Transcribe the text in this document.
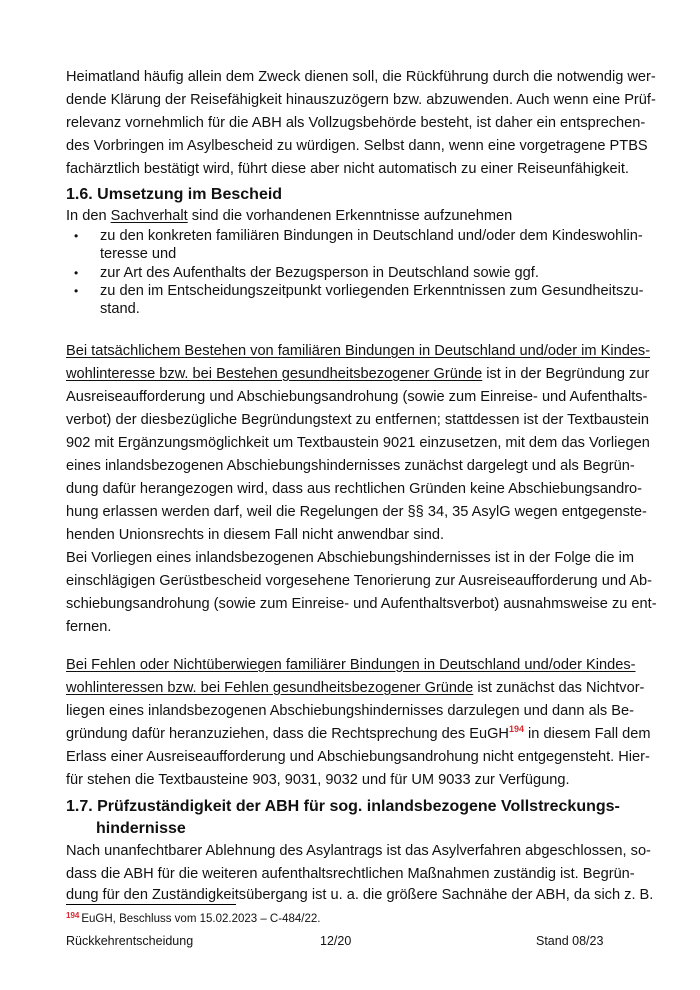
Heimatland häufig allein dem Zweck dienen soll, die Rückführung durch die notwendig wer-
dende Klärung der Reisefähigkeit hinauszuzögern bzw. abzuwenden. Auch wenn eine Prüf-
relevanz vornehmlich für die ABH als Vollzugsbehörde besteht, ist daher ein entsprechen-
des Vorbringen im Asylbescheid zu würdigen. Selbst dann, wenn eine vorgetragene PTBS
fachärztlich bestätigt wird, führt diese aber nicht automatisch zu einer Reiseunfähigkeit.
1.6. Umsetzung im Bescheid
In den Sachverhalt sind die vorhandenen Erkenntnisse aufzunehmen
• zu den konkreten familiären Bindungen in Deutschland und/oder dem Kindeswohlin-
teresse und
• zur Art des Aufenthalts der Bezugsperson in Deutschland sowie ggf.
• zu den im Entscheidungszeitpunkt vorliegenden Erkenntnissen zum Gesundheitszu-
stand.
Bei tatsächlichem Bestehen von familiären Bindungen in Deutschland und/oder im Kindes-
wohlinteresse bzw. bei Bestehen gesundheitsbezogener Gründe ist in der Begründung zur
Ausreiseaufforderung und Abschiebungsandrohung (sowie zum Einreise- und Aufenthalts-
verbot) der diesbezügliche Begründungstext zu entfernen; stattdessen ist der Textbaustein
902 mit Ergänzungsmöglichkeit um Textbaustein 9021 einzusetzen, mit dem das Vorliegen
eines inlandsbezogenen Abschiebungshindernisses zunächst dargelegt und als Begrün-
dung dafür herangezogen wird, dass aus rechtlichen Gründen keine Abschiebungsandro-
hung erlassen werden darf, weil die Regelungen der §§ 34, 35 AsylG wegen entgegenste-
henden Unionsrechts in diesem Fall nicht anwendbar sind.
Bei Vorliegen eines inlandsbezogenen Abschiebungshindernisses ist in der Folge die im
einschlägigen Gerüstbescheid vorgesehene Tenorierung zur Ausreiseaufforderung und Ab-
schiebungsandrohung (sowie zum Einreise- und Aufenthaltsverbot) ausnahmsweise zu ent-
fernen.
Bei Fehlen oder Nichtüberwiegen familiärer Bindungen in Deutschland und/oder Kindes-
wohlinteressen bzw. bei Fehlen gesundheitsbezogener Gründe ist zunächst das Nichtvor-
liegen eines inlandsbezogenen Abschiebungshindernisses darzulegen und dann als Be-
gründung dafür heranzuziehen, dass die Rechtsprechung des EuGH$^{194}$ in diesem Fall dem
Erlass einer Ausreiseaufforderung und Abschiebungsandrohung nicht entgegensteht. Hier-
für stehen die Textbausteine 903, 9031, 9032 und für UM 9033 zur Verfügung.
1.7. Prüfzuständigkeit der ABH für sog. inlandsbezogene Vollstreckungs-
hindernisse
Nach unanfechtbarer Ablehnung des Asylantrags ist das Asylverfahren abgeschlossen, so-
dass die ABH für die weiteren aufenthaltsrechtlichen Maßnahmen zuständig ist. Begrün-
dung für den Zuständigkeitsübergang ist u. a. die größere Sachnähe der ABH, da sich z. B.
$^{194}$ EuGH, Beschluss vom 15.02.2023 – C-484/22.
Rückkehrentscheidung	12/20	Stand 08/23
